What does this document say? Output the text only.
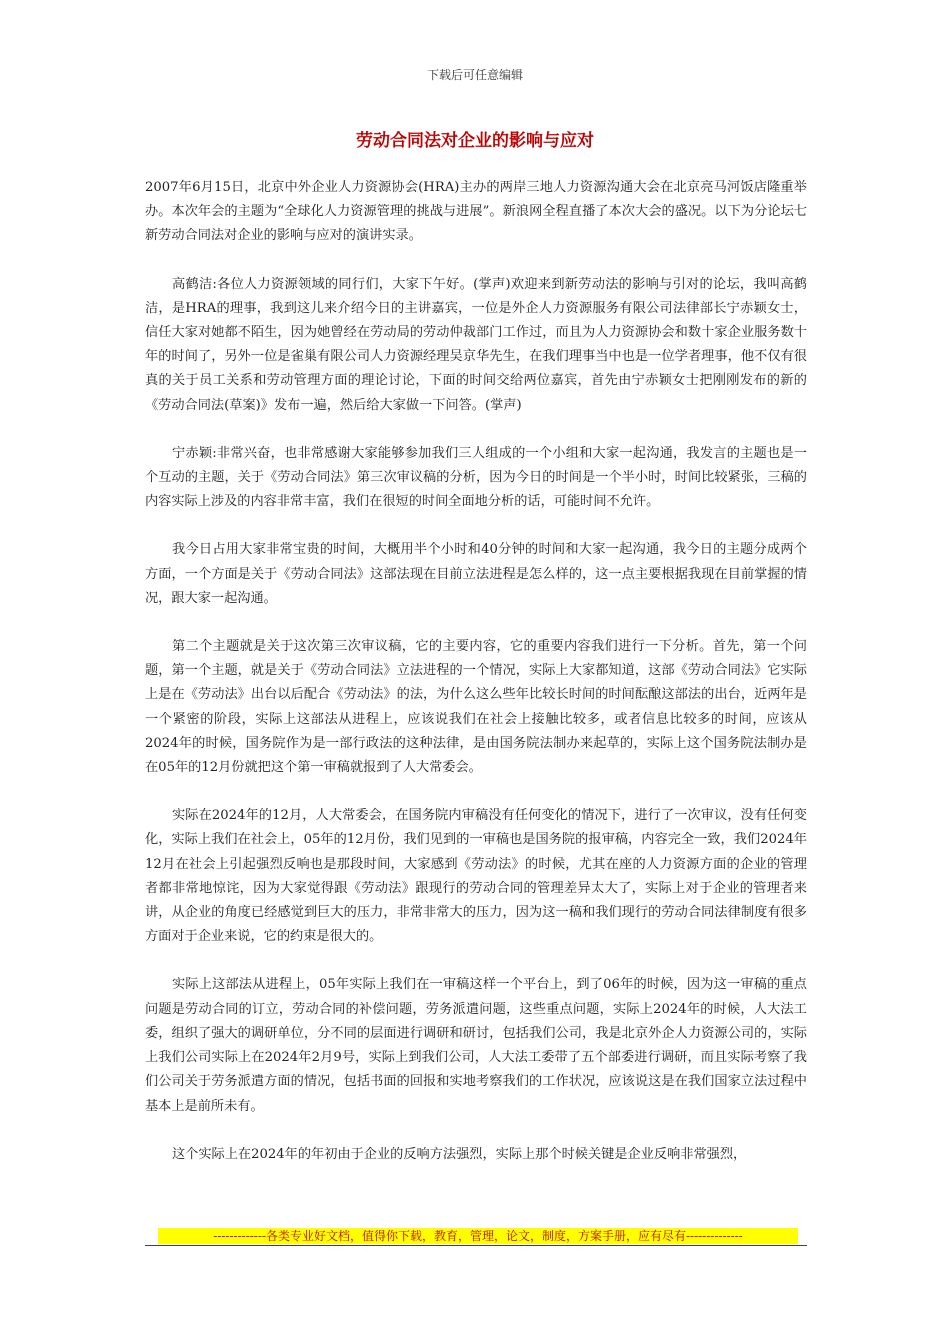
下载后可任意编辑
劳动合同法对企业的影响与应对

2007年6月15日，北京中外企业人力资源协会(HRA)主办的两岸三地人力资源沟通大会在北京亮马河饭店隆重举办。本次年会的主题为“全球化人力资源管理的挑战与进展”。新浪网全程直播了本次大会的盛况。以下为分论坛七新劳动合同法对企业的影响与应对的演讲实录。

高鹤洁:各位人力资源领域的同行们，大家下午好。(掌声)欢迎来到新劳动法的影响与引对的论坛，我叫高鹤洁，是HRA的理事，我到这儿来介绍今日的主讲嘉宾，一位是外企人力资源服务有限公司法律部长宁赤颖女士，信任大家对她都不陌生，因为她曾经在劳动局的劳动仲裁部门工作过，而且为人力资源协会和数十家企业服务数十年的时间了，另外一位是雀巢有限公司人力资源经理吴京华先生，在我们理事当中也是一位学者理事，他不仅有很真的关于员工关系和劳动管理方面的理论讨论，下面的时间交给两位嘉宾，首先由宁赤颖女士把刚刚发布的新的《劳动合同法(草案)》发布一遍，然后给大家做一下问答。(掌声)

宁赤颖:非常兴奋，也非常感谢大家能够参加我们三人组成的一个小组和大家一起沟通，我发言的主题也是一个互动的主题，关于《劳动合同法》第三次审议稿的分析，因为今日的时间是一个半小时，时间比较紧张，三稿的内容实际上涉及的内容非常丰富，我们在很短的时间全面地分析的话，可能时间不允许。

我今日占用大家非常宝贵的时间，大概用半个小时和40分钟的时间和大家一起沟通，我今日的主题分成两个方面，一个方面是关于《劳动合同法》这部法现在目前立法进程是怎么样的，这一点主要根据我现在目前掌握的情况，跟大家一起沟通。

第二个主题就是关于这次第三次审议稿，它的主要内容，它的重要内容我们进行一下分析。首先，第一个问题，第一个主题，就是关于《劳动合同法》立法进程的一个情况，实际上大家都知道，这部《劳动合同法》它实际上是在《劳动法》出台以后配合《劳动法》的法，为什么这么些年比较长时间的时间酝酿这部法的出台，近两年是一个紧密的阶段，实际上这部法从进程上，应该说我们在社会上接触比较多，或者信息比较多的时间，应该从2024年的时候，国务院作为是一部行政法的这种法律，是由国务院法制办来起草的，实际上这个国务院法制办是在05年的12月份就把这个第一审稿就报到了人大常委会。

实际在2024年的12月，人大常委会，在国务院内审稿没有任何变化的情况下，进行了一次审议，没有任何变化，实际上我们在社会上，05年的12月份，我们见到的一审稿也是国务院的报审稿，内容完全一致，我们2024年12月在社会上引起强烈反响也是那段时间，大家感到《劳动法》的时候，尤其在座的人力资源方面的企业的管理者都非常地惊诧，因为大家觉得跟《劳动法》跟现行的劳动合同的管理差异太大了，实际上对于企业的管理者来讲，从企业的角度已经感觉到巨大的压力，非常非常大的压力，因为这一稿和我们现行的劳动合同法律制度有很多方面对于企业来说，它的约束是很大的。

实际上这部法从进程上，05年实际上我们在一审稿这样一个平台上，到了06年的时候，因为这一审稿的重点问题是劳动合同的订立，劳动合同的补偿问题，劳务派遣问题，这些重点问题，实际上2024年的时候，人大法工委，组织了强大的调研单位，分不同的层面进行调研和研讨，包括我们公司，我是北京外企人力资源公司的，实际上我们公司实际上在2024年2月9号，实际上到我们公司，人大法工委带了五个部委进行调研，而且实际考察了我们公司关于劳务派遣方面的情况，包括书面的回报和实地考察我们的工作状况，应该说这是在我们国家立法过程中基本上是前所未有。

这个实际上在2024年的年初由于企业的反响方法强烈，实际上那个时候关键是企业反响非常强烈，

-------------各类专业好文档，值得你下载，教育，管理，论文，制度，方案手册，应有尽有--------------
